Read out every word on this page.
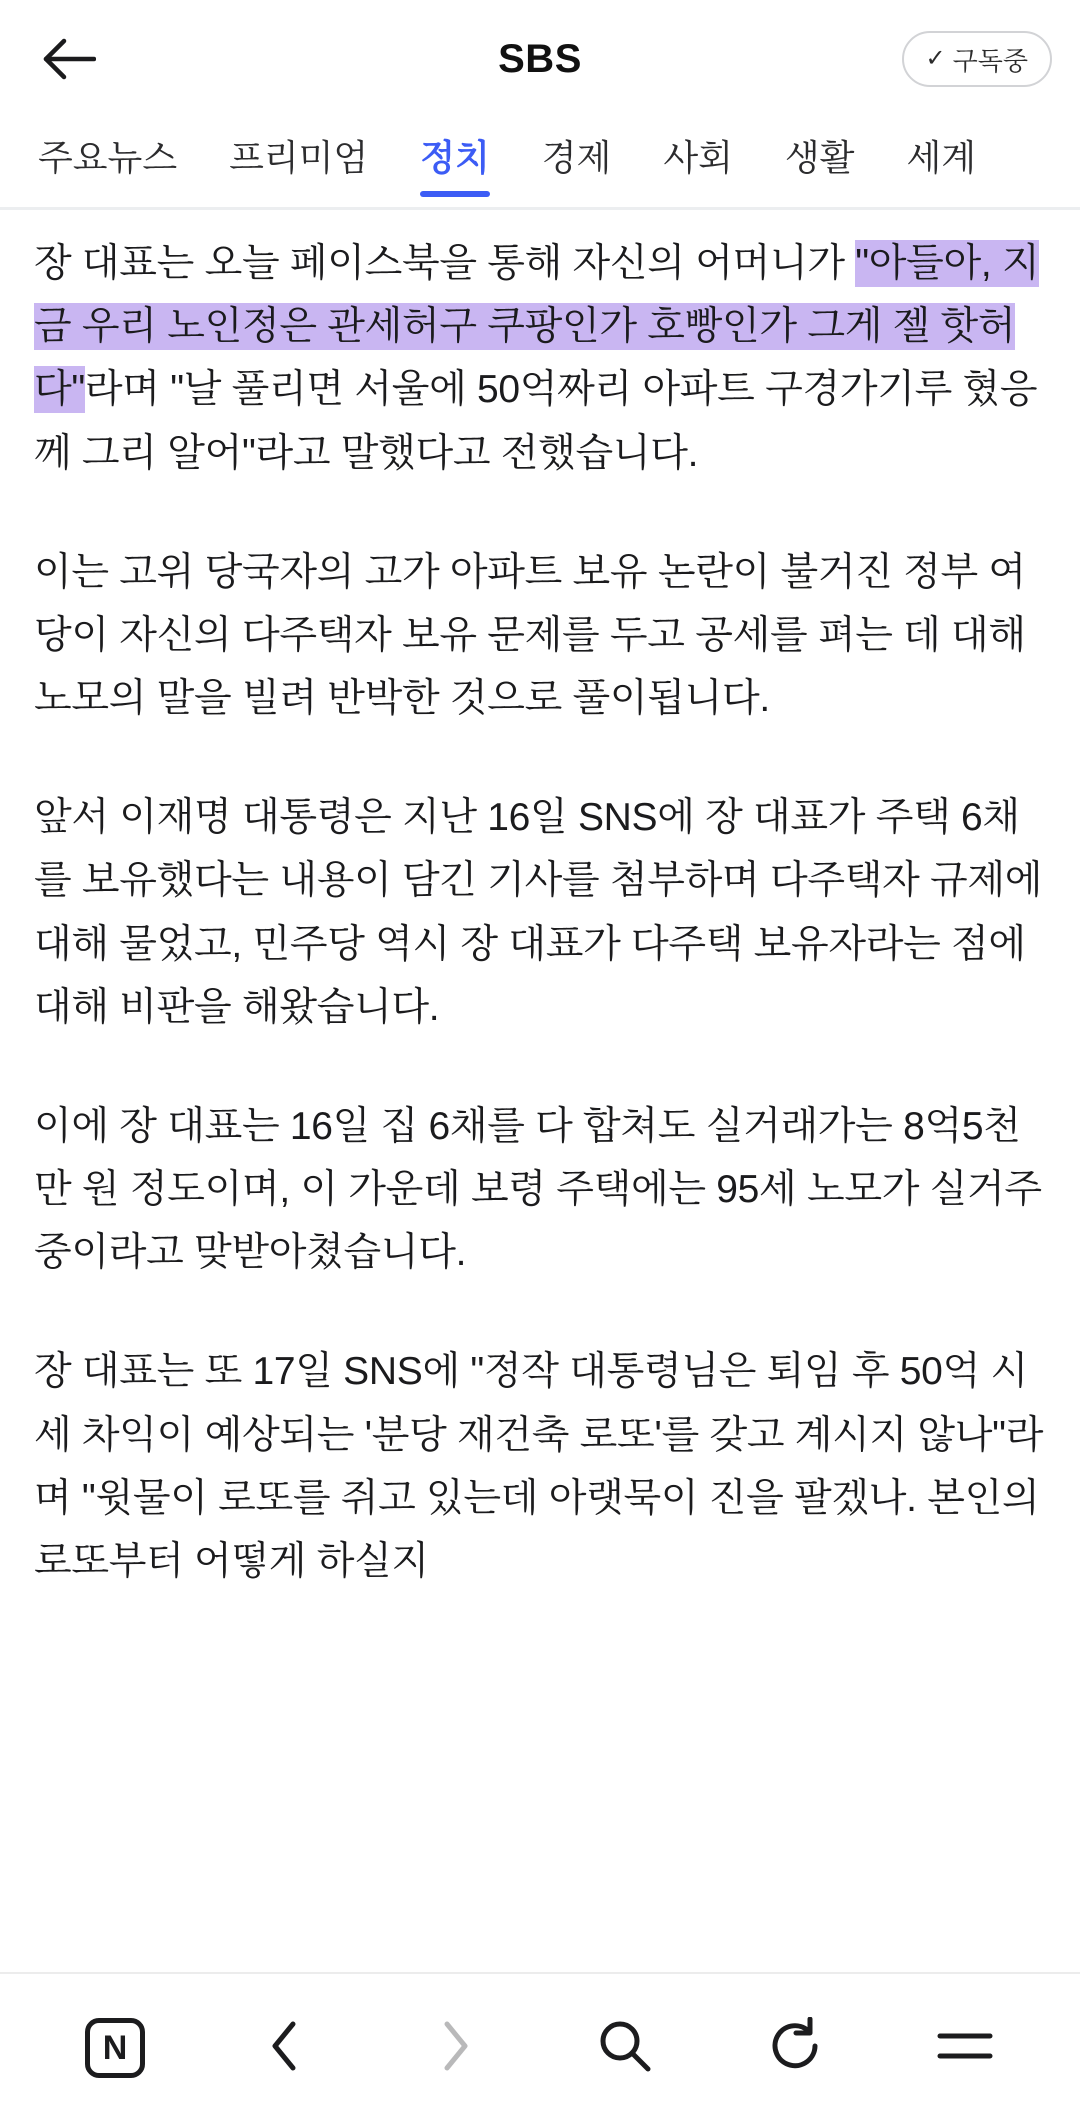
SBS	✓ 구독중
주요뉴스	프리미엄	정치	경제	사회	생활	세계

장 대표는 오늘 페이스북을 통해 자신의 어머니가 "아들아, 지금 우리 노인정은 관세허구 쿠팡인가 호빵인가 그게 젤 핫허다"라며 "날 풀리면 서울에 50억짜리 아파트 구경가기루 혔응께 그리 알어"라고 말했다고 전했습니다.

이는 고위 당국자의 고가 아파트 보유 논란이 불거진 정부 여당이 자신의 다주택자 보유 문제를 두고 공세를 펴는 데 대해 노모의 말을 빌려 반박한 것으로 풀이됩니다.

앞서 이재명 대통령은 지난 16일 SNS에 장 대표가 주택 6채를 보유했다는 내용이 담긴 기사를 첨부하며 다주택자 규제에 대해 물었고, 민주당 역시 장 대표가 다주택 보유자라는 점에 대해 비판을 해왔습니다.

이에 장 대표는 16일 집 6채를 다 합쳐도 실거래가는 8억5천만 원 정도이며, 이 가운데 보령 주택에는 95세 노모가 실거주 중이라고 맞받아쳤습니다.

장 대표는 또 17일 SNS에 "정작 대통령님은 퇴임 후 50억 시세 차익이 예상되는 '분당 재건축 로또'를 갖고 계시지 않나"라며 "윗물이 로또를 쥐고 있는데 아랫묵이 진을 팔겠나. 본인의 로또부터 어떻게 하실지

N
